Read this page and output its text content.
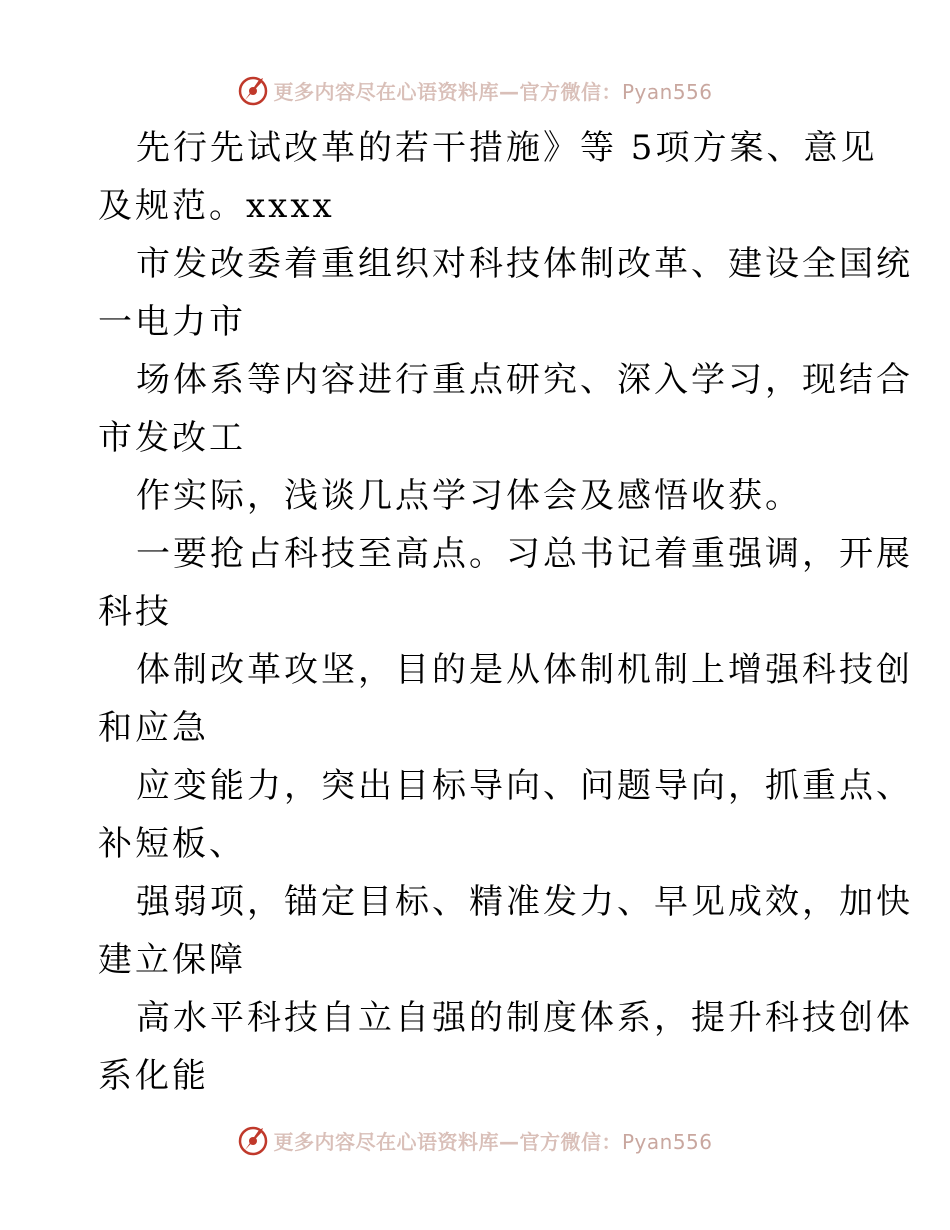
更多内容尽在心语资料库—官方微信：Pyan556
先行先试改革的若干措施》等 5项方案、意见
及规范。xxxx
市发改委着重组织对科技体制改革、建设全国统
一电力市
场体系等内容进行重点研究、深入学习，现结合
市发改工
作实际，浅谈几点学习体会及感悟收获。
一要抢占科技至高点。习总书记着重强调，开展
科技
体制改革攻坚，目的是从体制机制上增强科技创
和应急
应变能力，突出目标导向、问题导向，抓重点、
补短板、
强弱项，锚定目标、精准发力、早见成效，加快
建立保障
高水平科技自立自强的制度体系，提升科技创体
系化能
更多内容尽在心语资料库—官方微信：Pyan556
